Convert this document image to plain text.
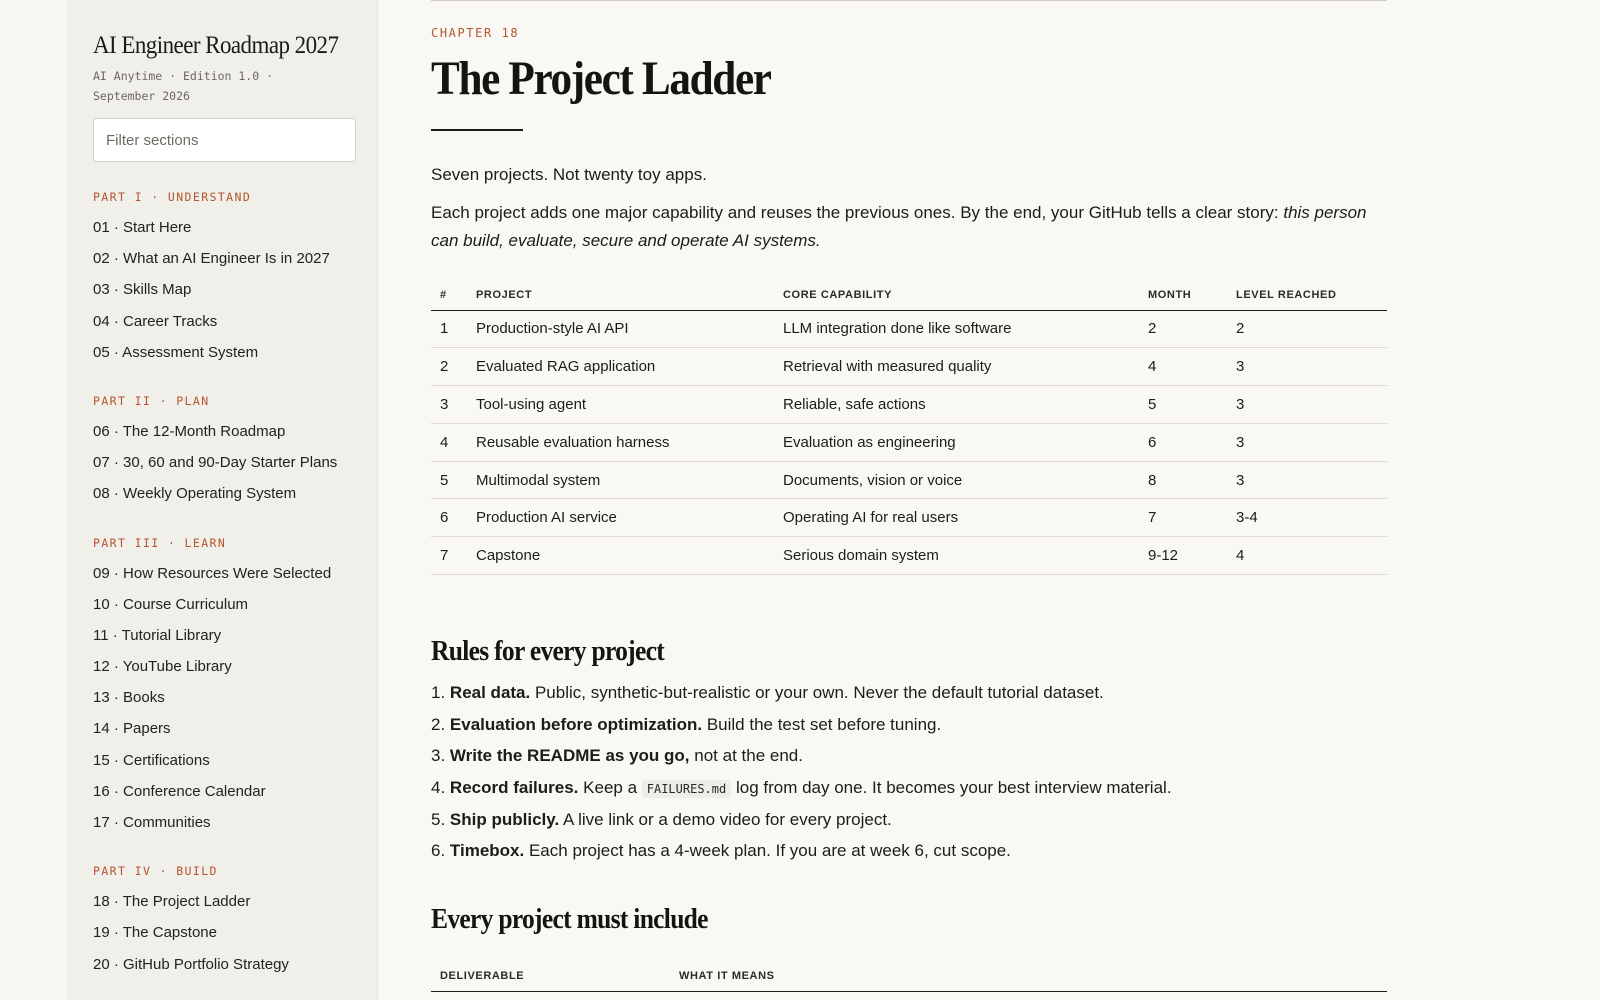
AI Engineer Roadmap 2027
AI Anytime · Edition 1.0 · September 2026
Filter sections
PART I · UNDERSTAND
01 · Start Here
02 · What an AI Engineer Is in 2027
03 · Skills Map
04 · Career Tracks
05 · Assessment System
PART II · PLAN
06 · The 12-Month Roadmap
07 · 30, 60 and 90-Day Starter Plans
08 · Weekly Operating System
PART III · LEARN
09 · How Resources Were Selected
10 · Course Curriculum
11 · Tutorial Library
12 · YouTube Library
13 · Books
14 · Papers
15 · Certifications
16 · Conference Calendar
17 · Communities
PART IV · BUILD
18 · The Project Ladder
19 · The Capstone
20 · GitHub Portfolio Strategy
CHAPTER 18
The Project Ladder

Seven projects. Not twenty toy apps.

Each project adds one major capability and reuses the previous ones. By the end, your GitHub tells a clear story: this person can build, evaluate, secure and operate AI systems.

#	PROJECT	CORE CAPABILITY	MONTH	LEVEL REACHED
1	Production-style AI API	LLM integration done like software	2	2
2	Evaluated RAG application	Retrieval with measured quality	4	3
3	Tool-using agent	Reliable, safe actions	5	3
4	Reusable evaluation harness	Evaluation as engineering	6	3
5	Multimodal system	Documents, vision or voice	8	3
6	Production AI service	Operating AI for real users	7	3-4
7	Capstone	Serious domain system	9-12	4
Rules for every project
1. Real data. Public, synthetic-but-realistic or your own. Never the default tutorial dataset.
2. Evaluation before optimization. Build the test set before tuning.
3. Write the README as you go, not at the end.
4. Record failures. Keep a FAILURES.md log from day one. It becomes your best interview material.
5. Ship publicly. A live link or a demo video for every project.
6. Timebox. Each project has a 4-week plan. If you are at week 6, cut scope.
Every project must include
DELIVERABLE	WHAT IT MEANS
